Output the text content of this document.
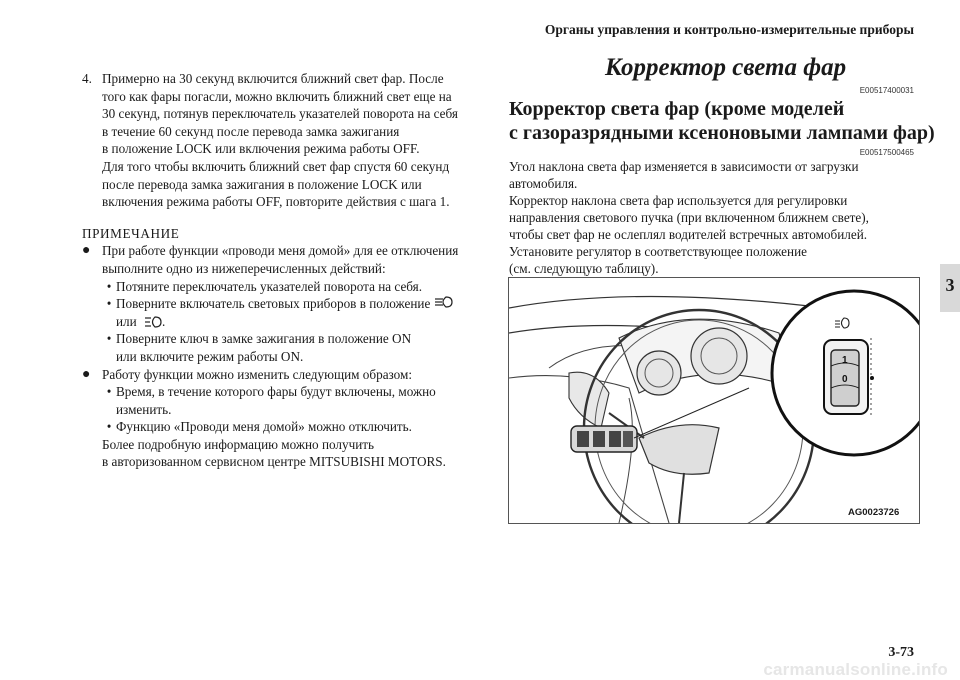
Органы управления и контрольно-измерительные приборы
3
4. Примерно на 30 секунд включится ближний свет фар. После
того как фары погасли, можно включить ближний свет еще на
30 секунд, потянув переключатель указателей поворота на себя
в течение 60 секунд после перевода замка зажигания
в положение LOCK или включения режима работы OFF.
Для того чтобы включить ближний свет фар спустя 60 секунд
после перевода замка зажигания в положение LOCK или
включения режима работы OFF, повторите действия с шага 1.
ПРИМЕЧАНИЕ
● При работе функции «проводи меня домой» для ее отключения
выполните одно из нижеперечисленных действий:
• Потяните переключатель указателей поворота на себя.
• Поверните включатель световых приборов в положение
или .
• Поверните ключ в замке зажигания в положение ON
или включите режим работы ON.
● Работу функции можно изменить следующим образом:
• Время, в течение которого фары будут включены, можно
изменить.
• Функцию «Проводи меня домой» можно отключить.
Более подробную информацию можно получить
в авторизованном сервисном центре MITSUBISHI MOTORS.
Корректор света фар
E00517400031
Корректор света фар (кроме моделей
с газоразрядными ксеноновыми лампами фар)
E00517500465
Угол наклона света фар изменяется в зависимости от загрузки
автомобиля.
Корректор наклона света фар используется для регулировки
направления светового пучка (при включенном ближнем свете),
чтобы свет фар не ослеплял водителей встречных автомобилей.
Установите регулятор в соответствующее положение
(см. следующую таблицу).
1
0
AG0023726
3-73
carmanualsonline.info
